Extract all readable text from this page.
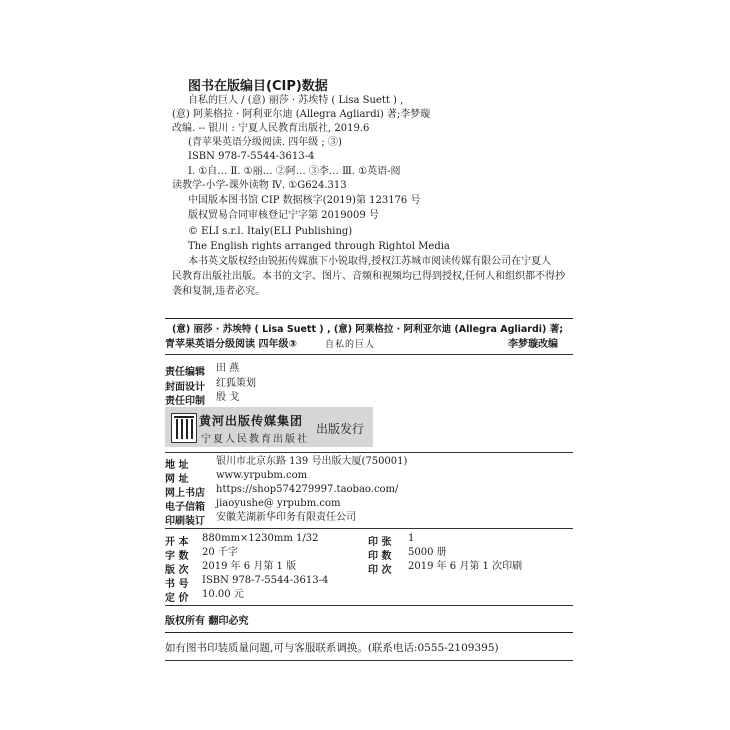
图书在版编目(CIP)数据
自私的巨人 / (意) 丽莎 · 苏埃特 ( Lisa Suett ) ,
(意) 阿莱格拉 · 阿利亚尔迪 (Allegra Agliardi) 著;李梦璇
改编. -- 银川 : 宁夏人民教育出版社, 2019.6
(青苹果英语分级阅读. 四年级 ; ③)
ISBN 978-7-5544-3613-4
Ⅰ. ①自… Ⅱ. ①丽… ②阿… ③李… Ⅲ. ①英语-阅
读教学-小学-课外读物 Ⅳ. ①G624.313
中国版本图书馆 CIP 数据核字(2019)第 123176 号
版权贸易合同审核登记宁字第 2019009 号
© ELI s.r.l. Italy(ELI Publishing)
The English rights arranged through Rightol Media
本书英文版权经由锐拓传媒旗下小锐取得,授权江苏城市阅读传媒有限公司在宁夏人
民教育出版社出版。本书的文字、图片、音频和视频均已得到授权,任何人和组织都不得抄
袭和复制,违者必究。
(意) 丽莎 · 苏埃特 ( Lisa Suett ) , (意) 阿莱格拉 · 阿利亚尔迪 (Allegra Agliardi) 著;
青苹果英语分级阅读 四年级③	自私的巨人	李梦璇改编
责任编辑 田 燕
封面设计 红狐策划
责任印制 殷 戈
黄河出版传媒集团
宁夏人民教育出版社
出版发行
地 址	银川市北京东路 139 号出版大厦(750001)
网 址	www.yrpubm.com
网上书店 https://shop574279997.taobao.com/
电子信箱 jiaoyushe@ yrpubm.com
印刷装订 安徽芜湖新华印务有限责任公司
开 本 880mm×1230mm 1/32
字 数 20 千字
版 次 2019 年 6 月第 1 版
书 号 ISBN 978-7-5544-3613-4
定 价 10.00 元
印 张 1
印 数 5000 册
印 次 2019 年 6 月第 1 次印刷
版权所有 翻印必究
如有图书印装质量问题,可与客服联系调换。(联系电话:0555-2109395)
